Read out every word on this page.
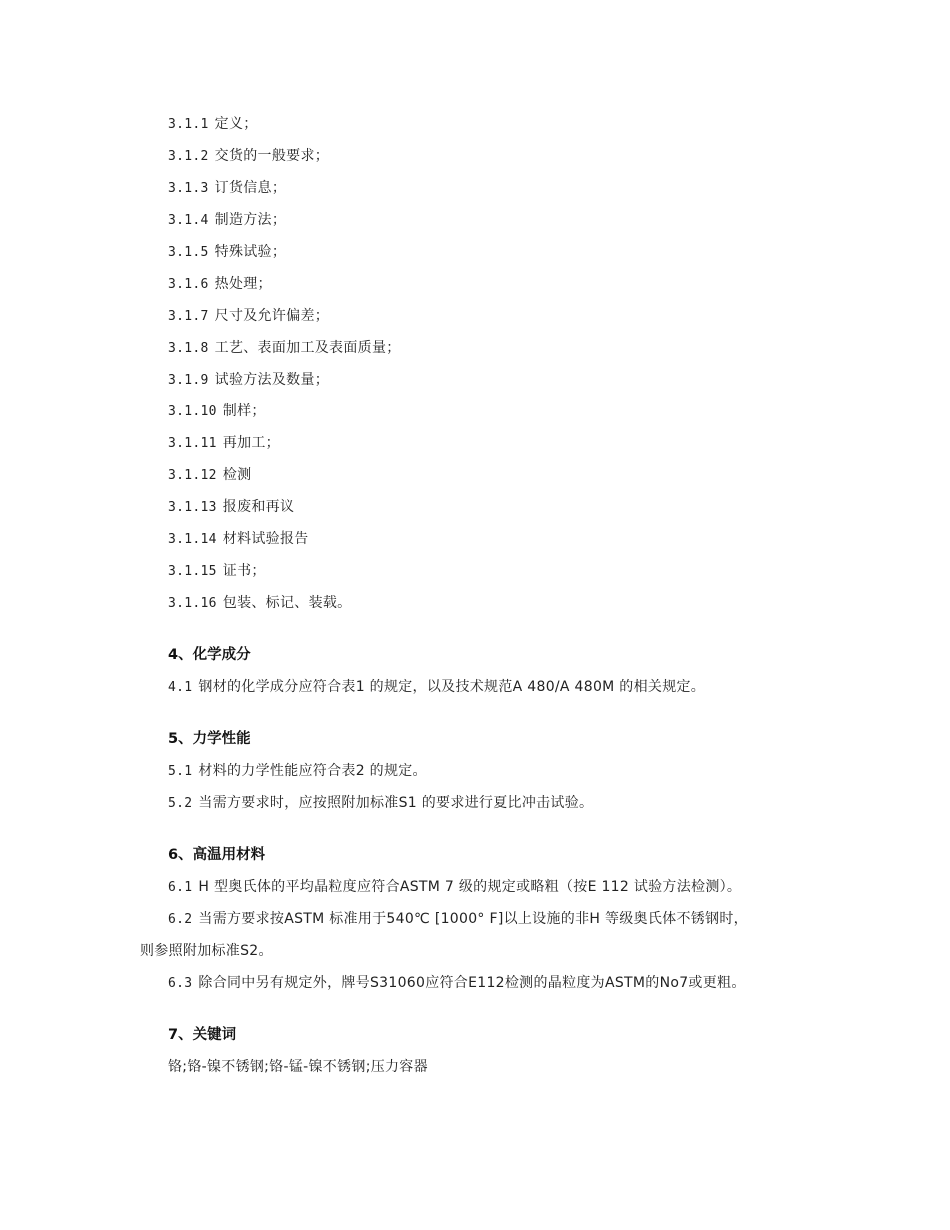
3.1.1 定义；
3.1.2 交货的一般要求；
3.1.3 订货信息；
3.1.4 制造方法；
3.1.5 特殊试验；
3.1.6 热处理；
3.1.7 尺寸及允许偏差；
3.1.8 工艺、表面加工及表面质量；
3.1.9 试验方法及数量；
3.1.10 制样；
3.1.11 再加工；
3.1.12 检测
3.1.13 报废和再议
3.1.14 材料试验报告
3.1.15 证书；
3.1.16 包装、标记、装载。
4、化学成分
4.1 钢材的化学成分应符合表1 的规定，以及技术规范A 480/A 480M 的相关规定。
5、力学性能
5.1 材料的力学性能应符合表2 的规定。
5.2 当需方要求时，应按照附加标准S1 的要求进行夏比冲击试验。
6、高温用材料
6.1 H 型奥氏体的平均晶粒度应符合ASTM 7 级的规定或略粗（按E 112 试验方法检测）。
6.2 当需方要求按ASTM 标准用于540℃ [1000° F]以上设施的非H 等级奥氏体不锈钢时，
则参照附加标准S2。
6.3 除合同中另有规定外，牌号S31060应符合E112检测的晶粒度为ASTM的No7或更粗。
7、关键词
铬;铬-镍不锈钢;铬-锰-镍不锈钢;压力容器
